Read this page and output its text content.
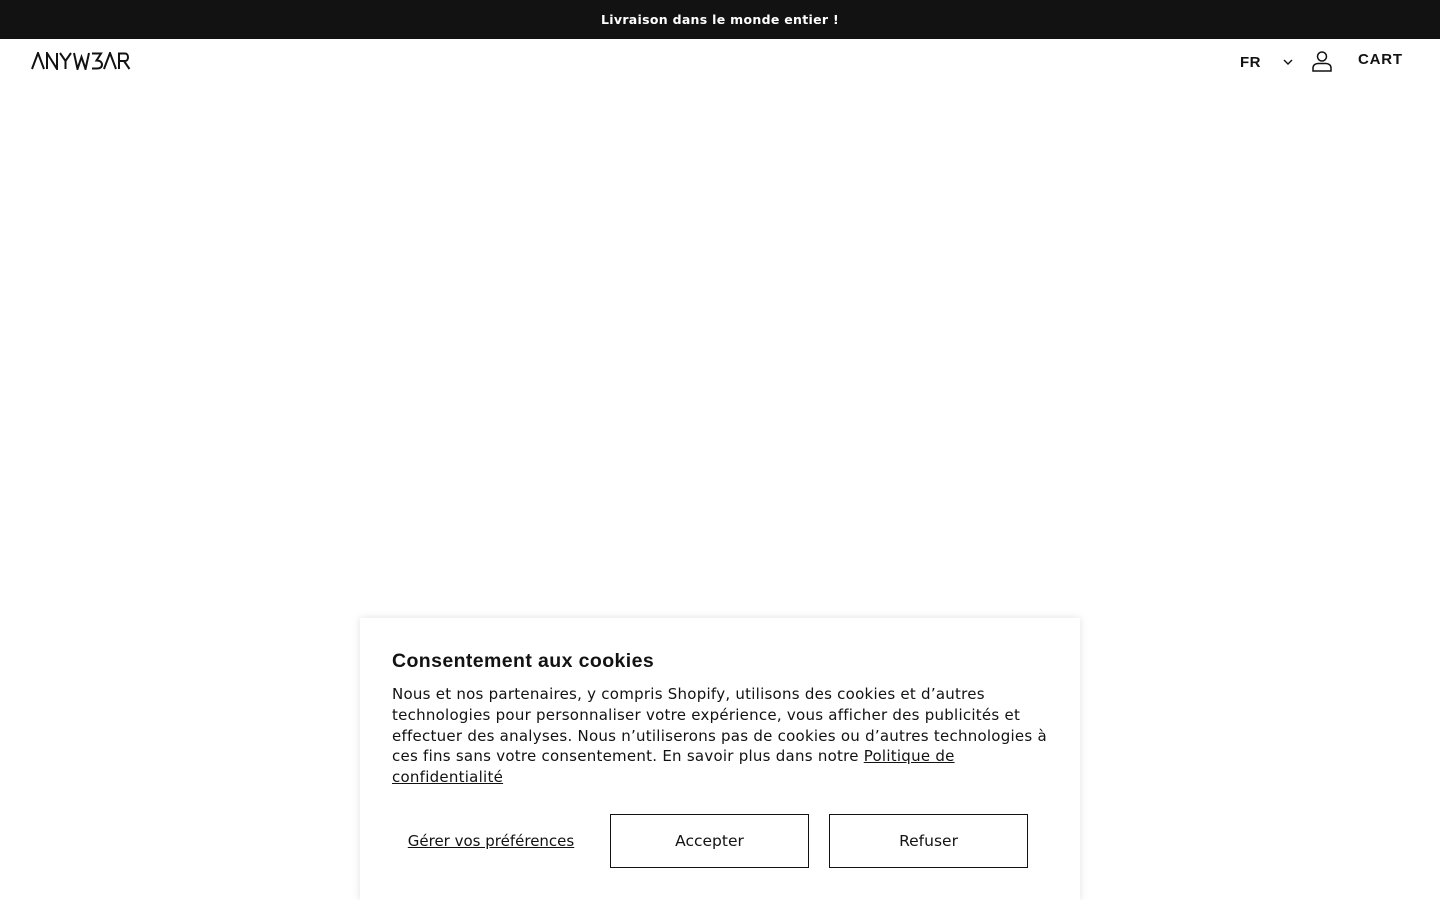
Livraison dans le monde entier !
FR	CART
Consentement aux cookies

Nous et nos partenaires, y compris Shopify, utilisons des cookies et d’autres technologies pour personnaliser votre expérience, vous afficher des publicités et effectuer des analyses. Nous n’utiliserons pas de cookies ou d’autres technologies à ces fins sans votre consentement. En savoir plus dans notre Politique de confidentialité

Gérer vos préférences	Accepter	Refuser
